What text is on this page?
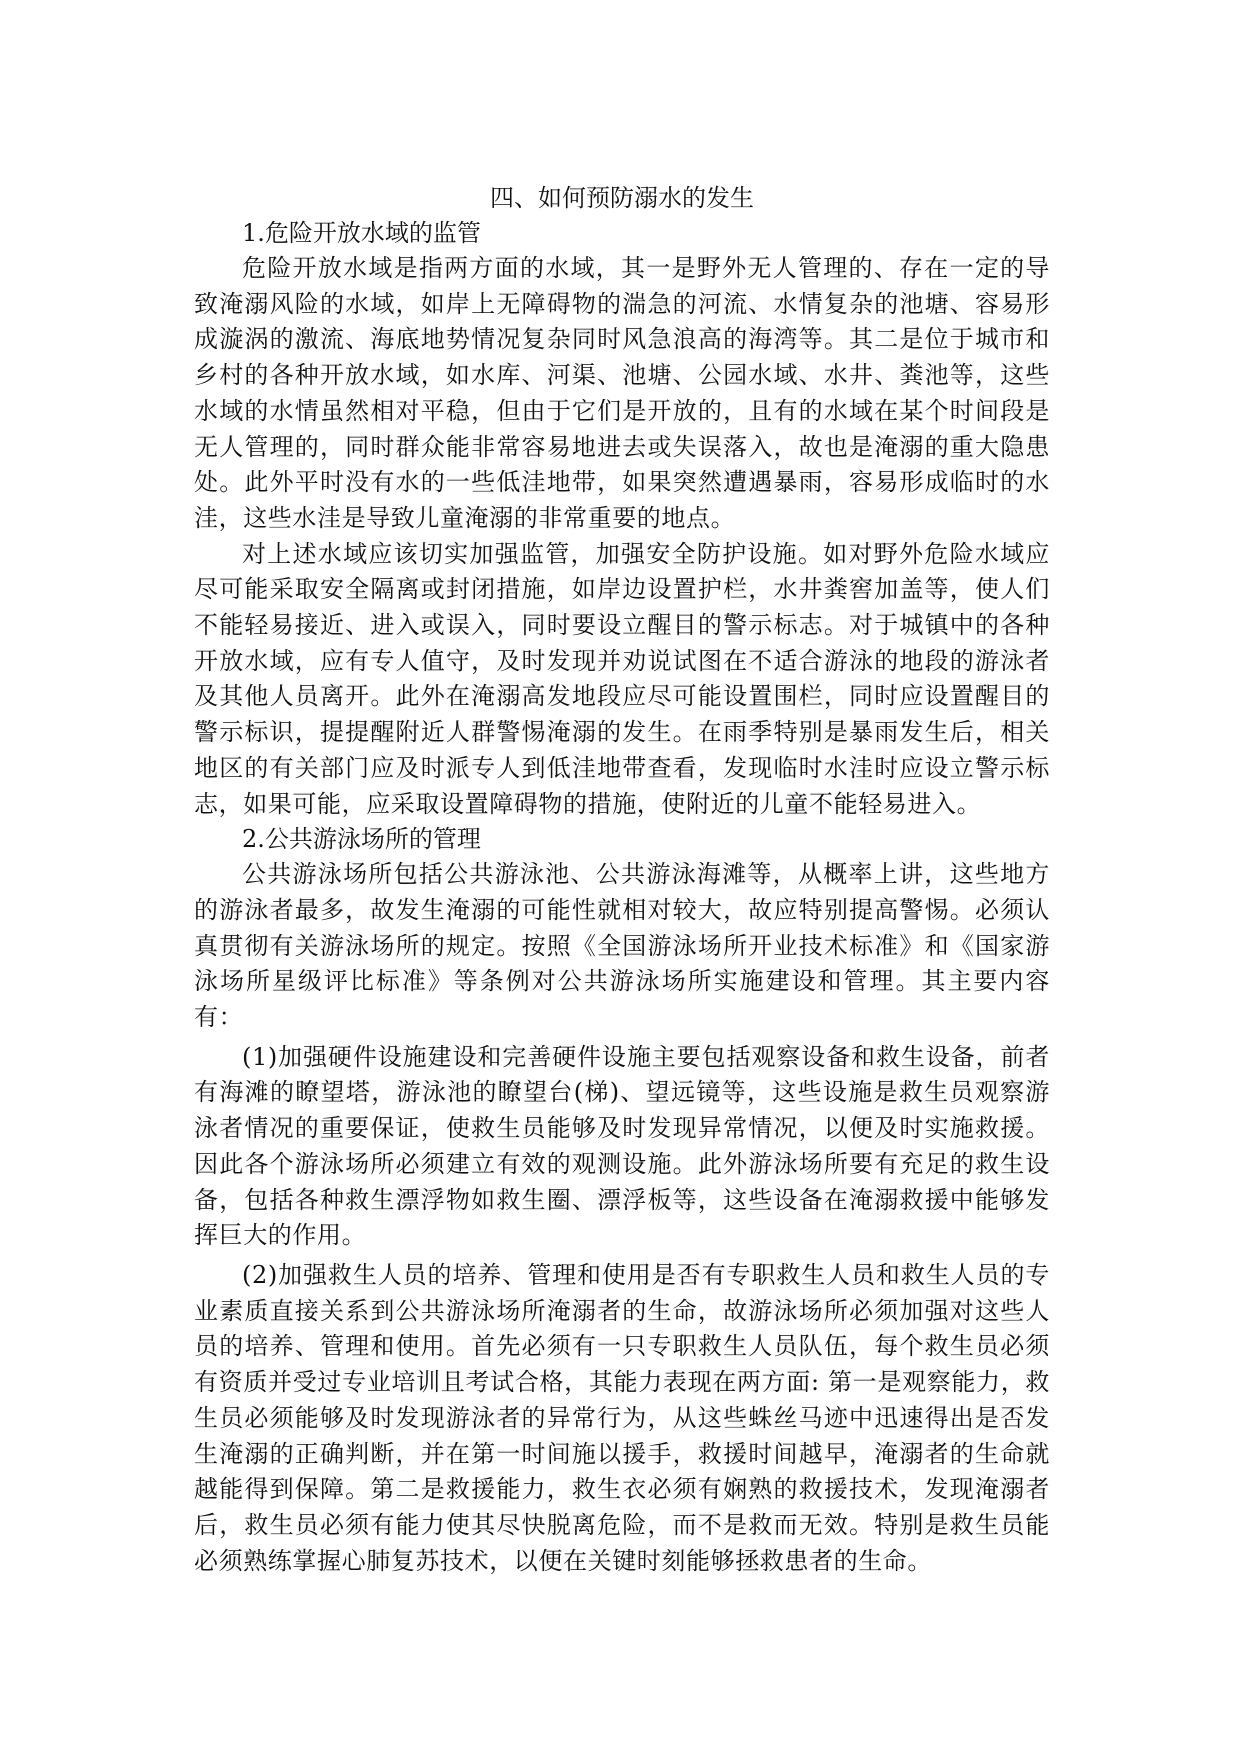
四、如何预防溺水的发生

1.危险开放水域的监管

危险开放水域是指两方面的水域，其一是野外无人管理的、存在一定的导致淹溺风险的水域，如岸上无障碍物的湍急的河流、水情复杂的池塘、容易形成漩涡的激流、海底地势情况复杂同时风急浪高的海湾等。其二是位于城市和乡村的各种开放水域，如水库、河渠、池塘、公园水域、水井、粪池等，这些水域的水情虽然相对平稳，但由于它们是开放的，且有的水域在某个时间段是无人管理的，同时群众能非常容易地进去或失误落入，故也是淹溺的重大隐患处。此外平时没有水的一些低洼地带，如果突然遭遇暴雨，容易形成临时的水洼，这些水洼是导致儿童淹溺的非常重要的地点。

对上述水域应该切实加强监管，加强安全防护设施。如对野外危险水域应尽可能采取安全隔离或封闭措施，如岸边设置护栏，水井粪窖加盖等，使人们不能轻易接近、进入或误入，同时要设立醒目的警示标志。对于城镇中的各种开放水域，应有专人值守，及时发现并劝说试图在不适合游泳的地段的游泳者及其他人员离开。此外在淹溺高发地段应尽可能设置围栏，同时应设置醒目的警示标识，提提醒附近人群警惕淹溺的发生。在雨季特别是暴雨发生后，相关地区的有关部门应及时派专人到低洼地带查看，发现临时水洼时应设立警示标志，如果可能，应采取设置障碍物的措施，使附近的儿童不能轻易进入。

2.公共游泳场所的管理

公共游泳场所包括公共游泳池、公共游泳海滩等，从概率上讲，这些地方的游泳者最多，故发生淹溺的可能性就相对较大，故应特别提高警惕。必须认真贯彻有关游泳场所的规定。按照《全国游泳场所开业技术标准》和《国家游泳场所星级评比标准》等条例对公共游泳场所实施建设和管理。其主要内容有：

(1)加强硬件设施建设和完善硬件设施主要包括观察设备和救生设备，前者有海滩的瞭望塔，游泳池的瞭望台(梯)、望远镜等，这些设施是救生员观察游泳者情况的重要保证，使救生员能够及时发现异常情况，以便及时实施救援。因此各个游泳场所必须建立有效的观测设施。此外游泳场所要有充足的救生设备，包括各种救生漂浮物如救生圈、漂浮板等，这些设备在淹溺救援中能够发挥巨大的作用。

(2)加强救生人员的培养、管理和使用是否有专职救生人员和救生人员的专业素质直接关系到公共游泳场所淹溺者的生命，故游泳场所必须加强对这些人员的培养、管理和使用。首先必须有一只专职救生人员队伍，每个救生员必须有资质并受过专业培训且考试合格，其能力表现在两方面: 第一是观察能力，救生员必须能够及时发现游泳者的异常行为，从这些蛛丝马迹中迅速得出是否发生淹溺的正确判断，并在第一时间施以援手，救援时间越早，淹溺者的生命就越能得到保障。第二是救援能力，救生衣必须有娴熟的救援技术，发现淹溺者后，救生员必须有能力使其尽快脱离危险，而不是救而无效。特别是救生员能必须熟练掌握心肺复苏技术，以便在关键时刻能够拯救患者的生命。
